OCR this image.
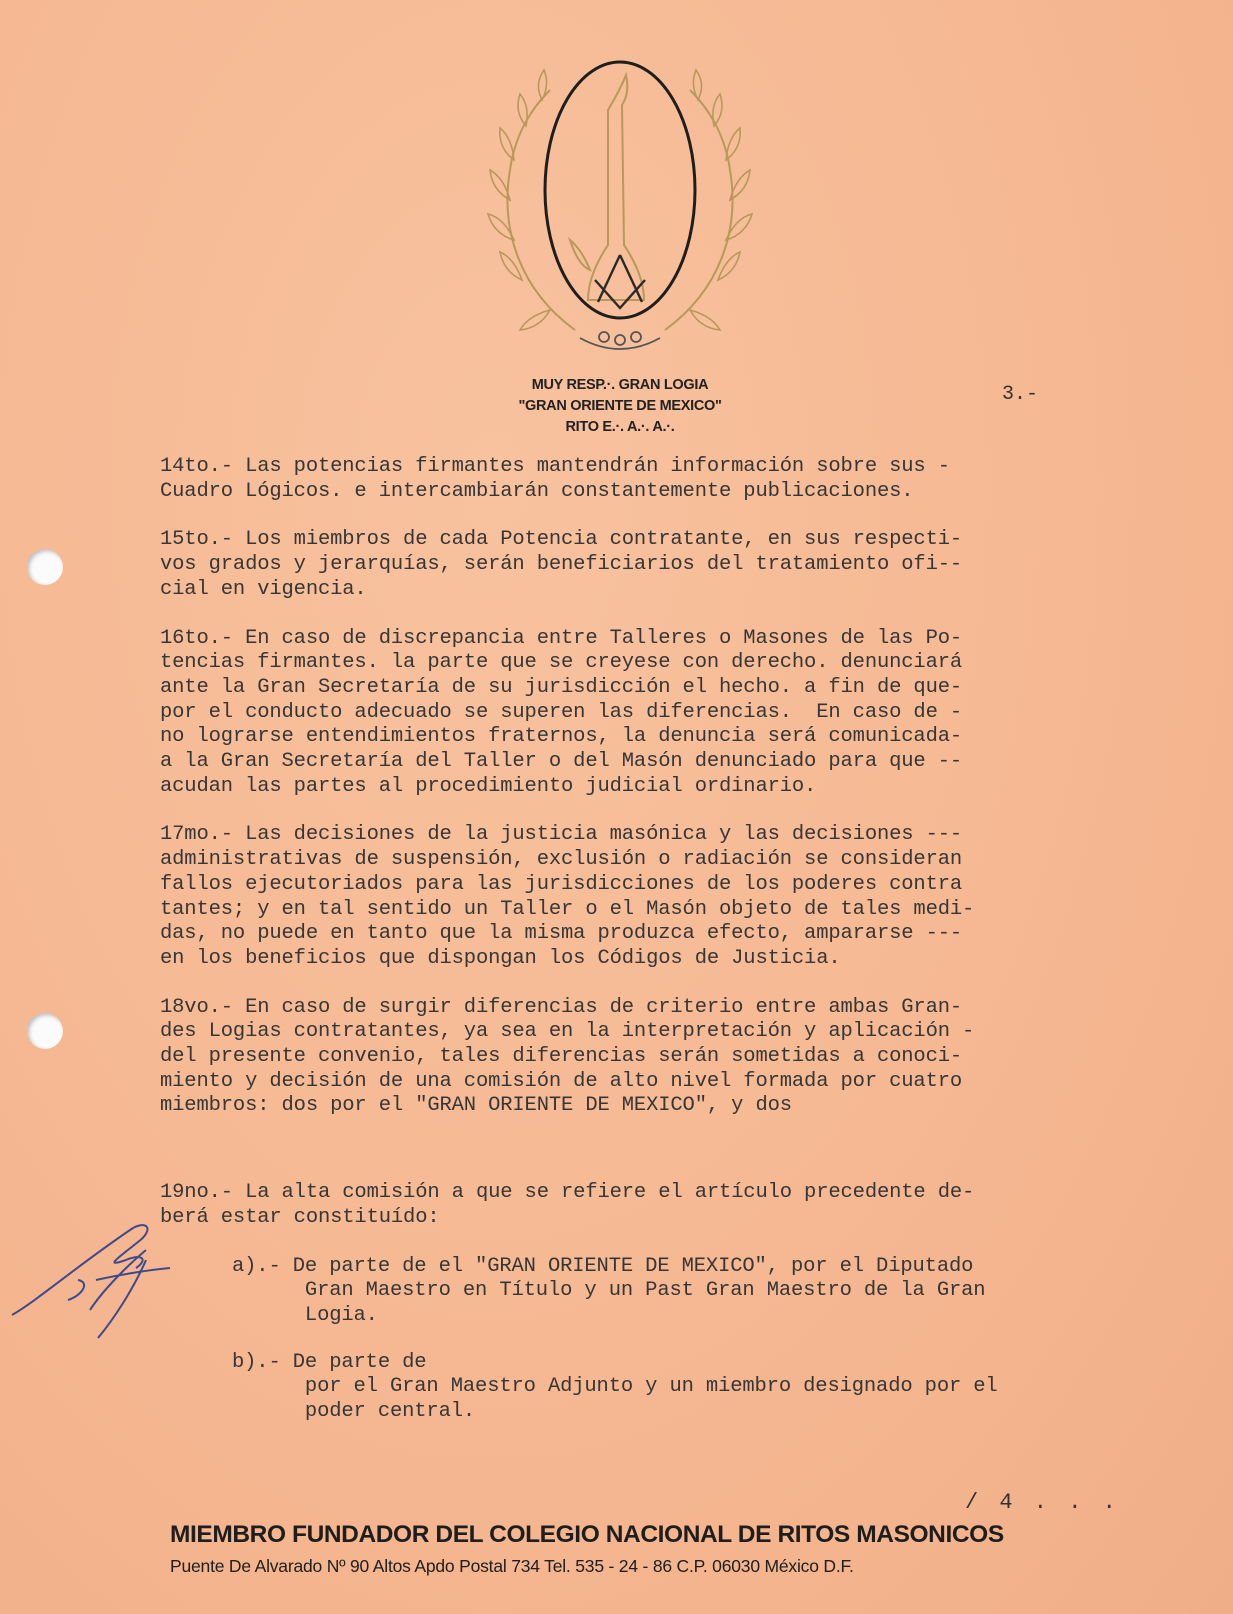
MUY RESP.·. GRAN LOGIA
"GRAN ORIENTE DE MEXICO"
RITO E.·. A.·. A.·.
3.-

14to.- Las potencias firmantes mantendrán información sobre sus -
Cuadro Lógicos. e intercambiarán constantemente publicaciones.

15to.- Los miembros de cada Potencia contratante, en sus respecti-
vos grados y jerarquías, serán beneficiarios del tratamiento ofi--
cial en vigencia.

16to.- En caso de discrepancia entre Talleres o Masones de las Po-
tencias firmantes. la parte que se creyese con derecho. denunciará
ante la Gran Secretaría de su jurisdicción el hecho. a fin de que-
por el conducto adecuado se superen las diferencias.  En caso de -
no lograrse entendimientos fraternos, la denuncia será comunicada-
a la Gran Secretaría del Taller o del Masón denunciado para que --
acudan las partes al procedimiento judicial ordinario.

17mo.- Las decisiones de la justicia masónica y las decisiones ---
administrativas de suspensión, exclusión o radiación se consideran
fallos ejecutoriados para las jurisdicciones de los poderes contra
tantes; y en tal sentido un Taller o el Masón objeto de tales medi-
das, no puede en tanto que la misma produzca efecto, ampararse ---
en los beneficios que dispongan los Códigos de Justicia.

18vo.- En caso de surgir diferencias de criterio entre ambas Gran-
des Logias contratantes, ya sea en la interpretación y aplicación -
del presente convenio, tales diferencias serán sometidas a conoci-
miento y decisión de una comisión de alto nivel formada por cuatro
miembros: dos por el "GRAN ORIENTE DE MEXICO", y dos

19no.- La alta comisión a que se refiere el artículo precedente de-
berá estar constituído:

a).- De parte de el "GRAN ORIENTE DE MEXICO", por el Diputado
Gran Maestro en Título y un Past Gran Maestro de la Gran
Logia.

b).- De parte de
por el Gran Maestro Adjunto y un miembro designado por el
poder central.

/ 4 . . .

MIEMBRO FUNDADOR DEL COLEGIO NACIONAL DE RITOS MASONICOS

Puente De Alvarado Nº 90 Altos Apdo Postal 734 Tel. 535 - 24 - 86 C.P. 06030 México D.F.
